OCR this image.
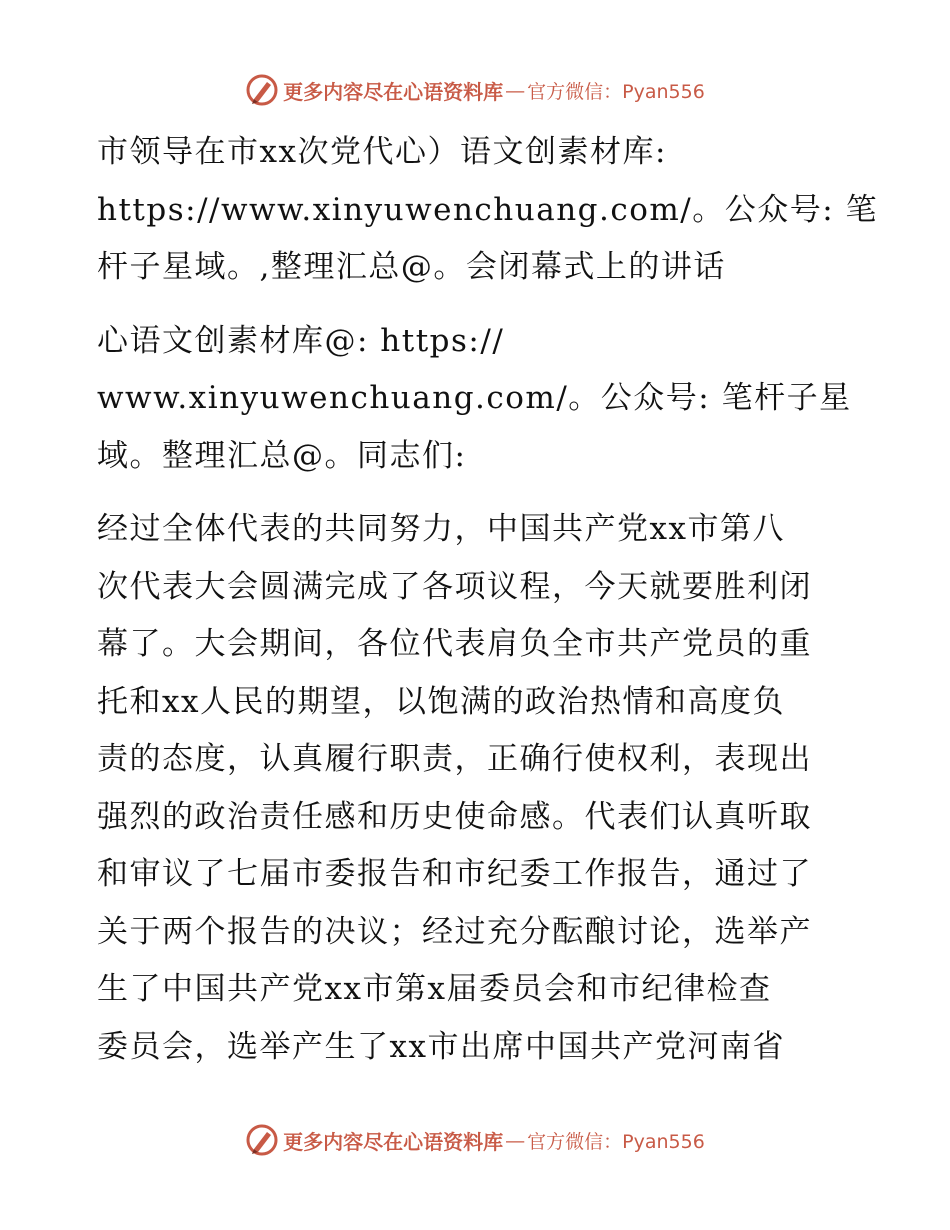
更多内容尽在心语资料库 — 官方微信：Pyan556

市领导在市xx次党代心）语文创素材库:

https://www.xinyuwenchuang.com/。公众号: 笔

杆子星域。,整理汇总@。会闭幕式上的讲话

心语文创素材库@: https://

www.xinyuwenchuang.com/。公众号: 笔杆子星

域。整理汇总@。同志们:

经过全体代表的共同努力，中国共产党xx市第八

次代表大会圆满完成了各项议程，今天就要胜利闭

幕了。大会期间，各位代表肩负全市共产党员的重

托和xx人民的期望，以饱满的政治热情和高度负

责的态度，认真履行职责，正确行使权利，表现出

强烈的政治责任感和历史使命感。代表们认真听取

和审议了七届市委报告和市纪委工作报告，通过了

关于两个报告的决议；经过充分酝酿讨论，选举产

生了中国共产党xx市第x届委员会和市纪律检查

委员会，选举产生了xx市出席中国共产党河南省

更多内容尽在心语资料库 — 官方微信：Pyan556
